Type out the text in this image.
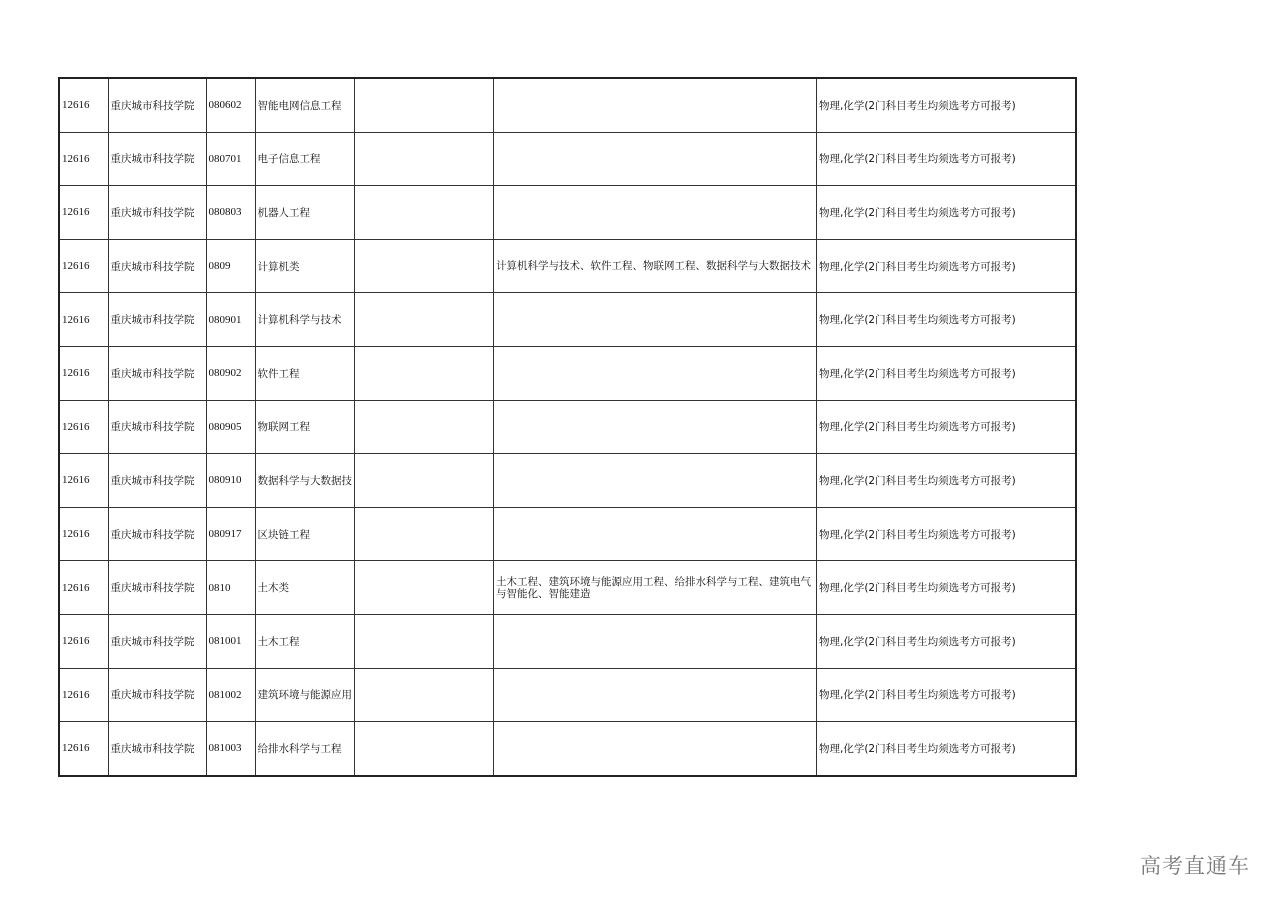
12616	重庆城市科技学院	080602	智能电网信息工程			物理,化学(2门科目考生均须选考方可报考)
12616	重庆城市科技学院	080701	电子信息工程			物理,化学(2门科目考生均须选考方可报考)
12616	重庆城市科技学院	080803	机器人工程			物理,化学(2门科目考生均须选考方可报考)
12616	重庆城市科技学院	0809	计算机类		计算机科学与技术、软件工程、物联网工程、数据科学与大数据技术	物理,化学(2门科目考生均须选考方可报考)
12616	重庆城市科技学院	080901	计算机科学与技术			物理,化学(2门科目考生均须选考方可报考)
12616	重庆城市科技学院	080902	软件工程			物理,化学(2门科目考生均须选考方可报考)
12616	重庆城市科技学院	080905	物联网工程			物理,化学(2门科目考生均须选考方可报考)
12616	重庆城市科技学院	080910	数据科学与大数据技			物理,化学(2门科目考生均须选考方可报考)
12616	重庆城市科技学院	080917	区块链工程			物理,化学(2门科目考生均须选考方可报考)
12616	重庆城市科技学院	0810	土木类		土木工程、建筑环境与能源应用工程、给排水科学与工程、建筑电气与智能化、智能建造	物理,化学(2门科目考生均须选考方可报考)
12616	重庆城市科技学院	081001	土木工程			物理,化学(2门科目考生均须选考方可报考)
12616	重庆城市科技学院	081002	建筑环境与能源应用			物理,化学(2门科目考生均须选考方可报考)
12616	重庆城市科技学院	081003	给排水科学与工程			物理,化学(2门科目考生均须选考方可报考)
高考直通车
